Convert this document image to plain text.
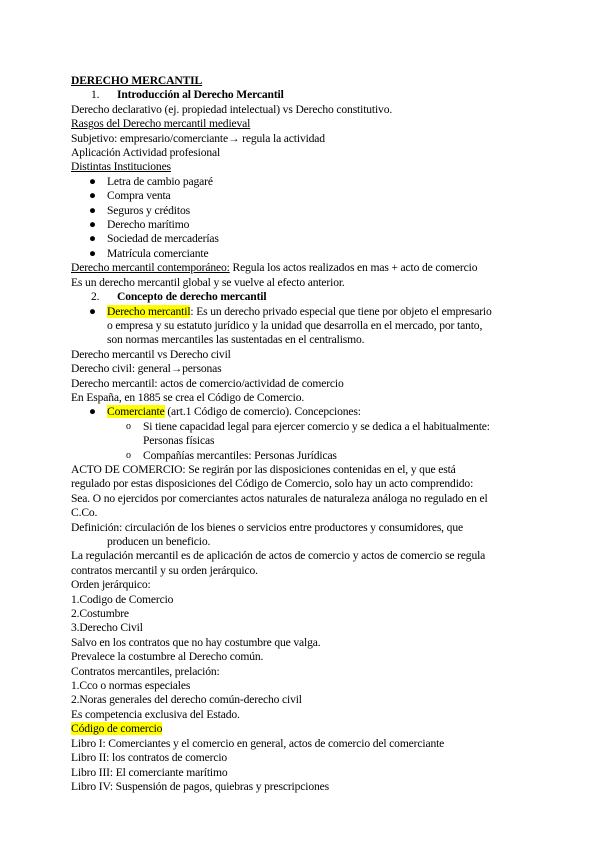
DERECHO MERCANTIL

1. Introducción al Derecho Mercantil

Derecho declarativo (ej. propiedad intelectual) vs Derecho constitutivo.

Rasgos del Derecho mercantil medieval

Subjetivo: empresario/comerciante→ regula la actividad

Aplicación Actividad profesional

Distintas Instituciones

● Letra de cambio pagaré

● Compra venta

● Seguros y créditos

● Derecho marítimo

● Sociedad de mercaderías

● Matrícula comerciante

Derecho mercantil contemporáneo: Regula los actos realizados en mas + acto de comercio

Es un derecho mercantil global y se vuelve al efecto anterior.

2. Concepto de derecho mercantil

● Derecho mercantil: Es un derecho privado especial que tiene por objeto el empresario

o empresa y su estatuto jurídico y la unidad que desarrolla en el mercado, por tanto,

son normas mercantiles las sustentadas en el centralismo.

Derecho mercantil vs Derecho civil

Derecho civil: general→personas

Derecho mercantil: actos de comercio/actividad de comercio

En España, en 1885 se crea el Código de Comercio.

● Comerciante (art.1 Código de comercio). Concepciones:

o Si tiene capacidad legal para ejercer comercio y se dedica a el habitualmente:

Personas físicas

o Compañías mercantiles: Personas Jurídicas

ACTO DE COMERCIO: Se regirán por las disposiciones contenidas en el, y que está

regulado por estas disposiciones del Código de Comercio, solo hay un acto comprendido:

Sea. O no ejercidos por comerciantes actos naturales de naturaleza análoga no regulado en el

C.Co.

Definición: circulación de los bienes o servicios entre productores y consumidores, que

producen un beneficio.

La regulación mercantil es de aplicación de actos de comercio y actos de comercio se regula

contratos mercantil y su orden jerárquico.

Orden jerárquico:

1.Codigo de Comercio

2.Costumbre

3.Derecho Civil

Salvo en los contratos que no hay costumbre que valga.

Prevalece la costumbre al Derecho común.

Contratos mercantiles, prelación:

1.Cco o normas especiales

2.Noras generales del derecho común-derecho civil

Es competencia exclusiva del Estado.

Código de comercio

Libro I: Comerciantes y el comercio en general, actos de comercio del comerciante

Libro II: los contratos de comercio

Libro III: El comerciante marítimo

Libro IV: Suspensión de pagos, quiebras y prescripciones
